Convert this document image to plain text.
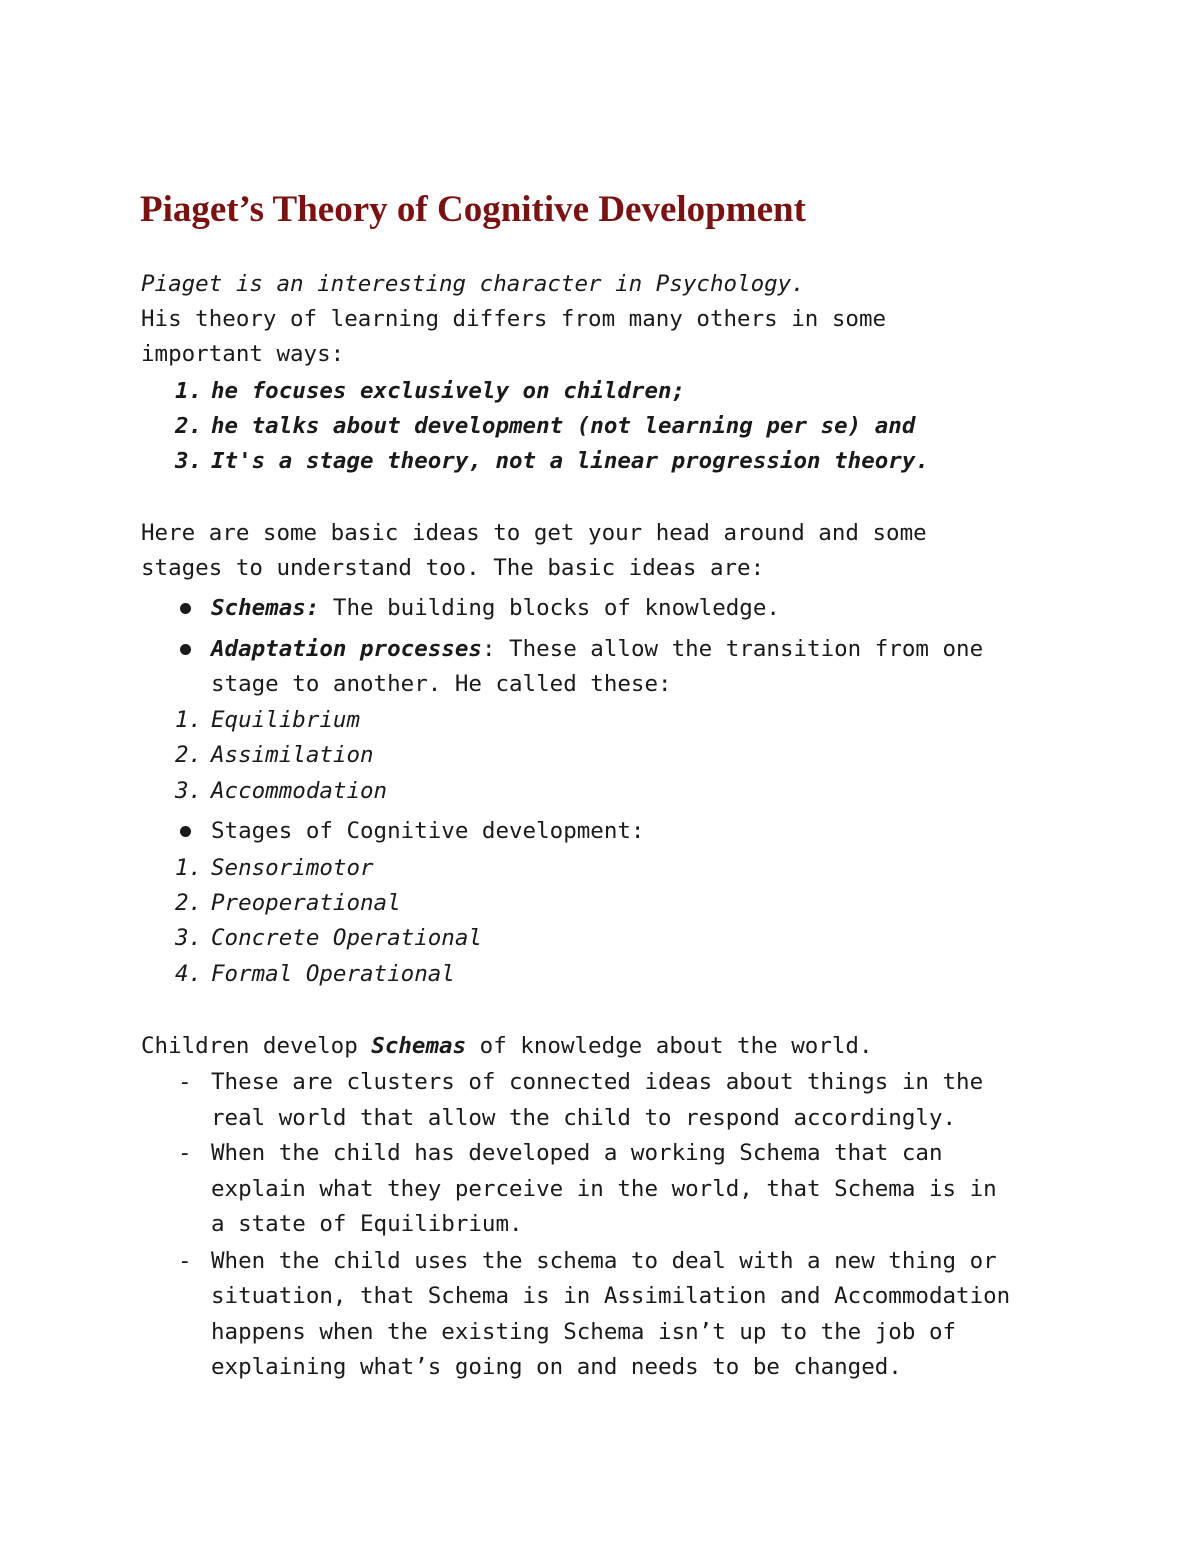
Piaget’s Theory of Cognitive Development
Piaget is an interesting character in Psychology.
His theory of learning differs from many others in some
important ways:
1. he focuses exclusively on children;
2. he talks about development (not learning per se) and
3. It's a stage theory, not a linear progression theory.
Here are some basic ideas to get your head around and some
stages to understand too. The basic ideas are:
Schemas: The building blocks of knowledge.
Adaptation processes: These allow the transition from one
stage to another. He called these:
1. Equilibrium
2. Assimilation
3. Accommodation
Stages of Cognitive development:
1. Sensorimotor
2. Preoperational
3. Concrete Operational
4. Formal Operational
Children develop Schemas of knowledge about the world.
- These are clusters of connected ideas about things in the
real world that allow the child to respond accordingly.
- When the child has developed a working Schema that can
explain what they perceive in the world, that Schema is in
a state of Equilibrium.
- When the child uses the schema to deal with a new thing or
situation, that Schema is in Assimilation and Accommodation
happens when the existing Schema isn’t up to the job of
explaining what’s going on and needs to be changed.
